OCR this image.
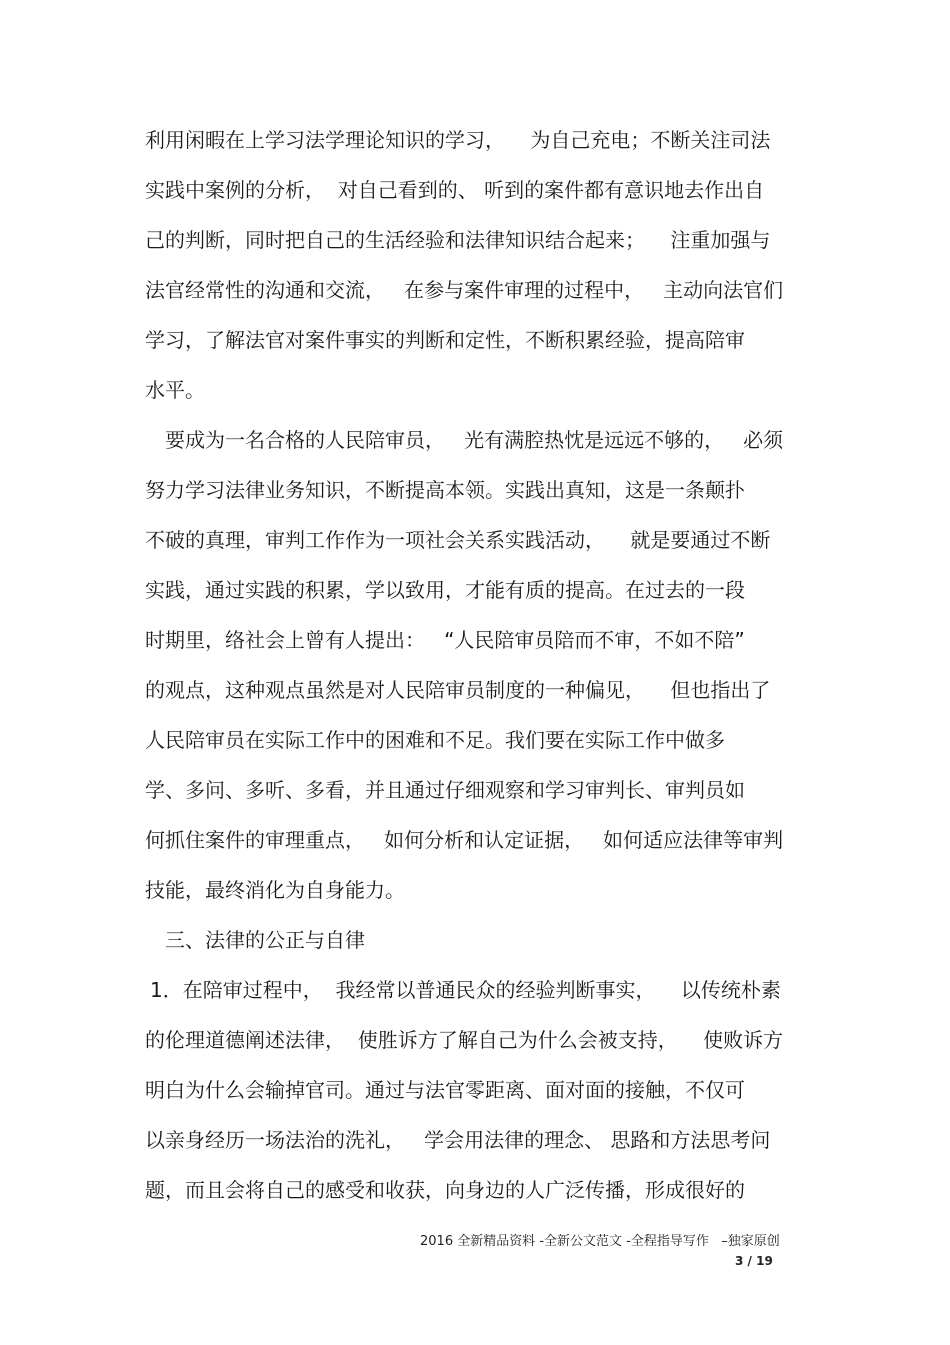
利用闲暇在上学习法学理论知识的学习，    为自己充电；不断关注司法
实践中案例的分析，  对自己看到的、 听到的案件都有意识地去作出自
己的判断，同时把自己的生活经验和法律知识结合起来；    注重加强与
法官经常性的沟通和交流，   在参与案件审理的过程中，   主动向法官们
学习，了解法官对案件事实的判断和定性，不断积累经验，提高陪审
水平。
要成为一名合格的人民陪审员，   光有满腔热忱是远远不够的，   必须
努力学习法律业务知识，不断提高本领。实践出真知，这是一条颠扑
不破的真理，审判工作作为一项社会关系实践活动，    就是要通过不断
实践，通过实践的积累，学以致用，才能有质的提高。在过去的一段
时期里，络社会上曾有人提出：   “人民陪审员陪而不审，不如不陪”
的观点，这种观点虽然是对人民陪审员制度的一种偏见，    但也指出了
人民陪审员在实际工作中的困难和不足。我们要在实际工作中做多
学、多问、多听、多看，并且通过仔细观察和学习审判长、审判员如
何抓住案件的审理重点，   如何分析和认定证据，   如何适应法律等审判
技能，最终消化为自身能力。
三、法律的公正与自律
1．在陪审过程中，  我经常以普通民众的经验判断事实，    以传统朴素
的伦理道德阐述法律，  使胜诉方了解自己为什么会被支持，    使败诉方
明白为什么会输掉官司。通过与法官零距离、面对面的接触，不仅可
以亲身经历一场法治的洗礼，   学会用法律的理念、 思路和方法思考问
题，而且会将自己的感受和收获，向身边的人广泛传播，形成很好的
2016 全新精品资料 -全新公文范文 -全程指导写作   –独家原创
3 / 19
